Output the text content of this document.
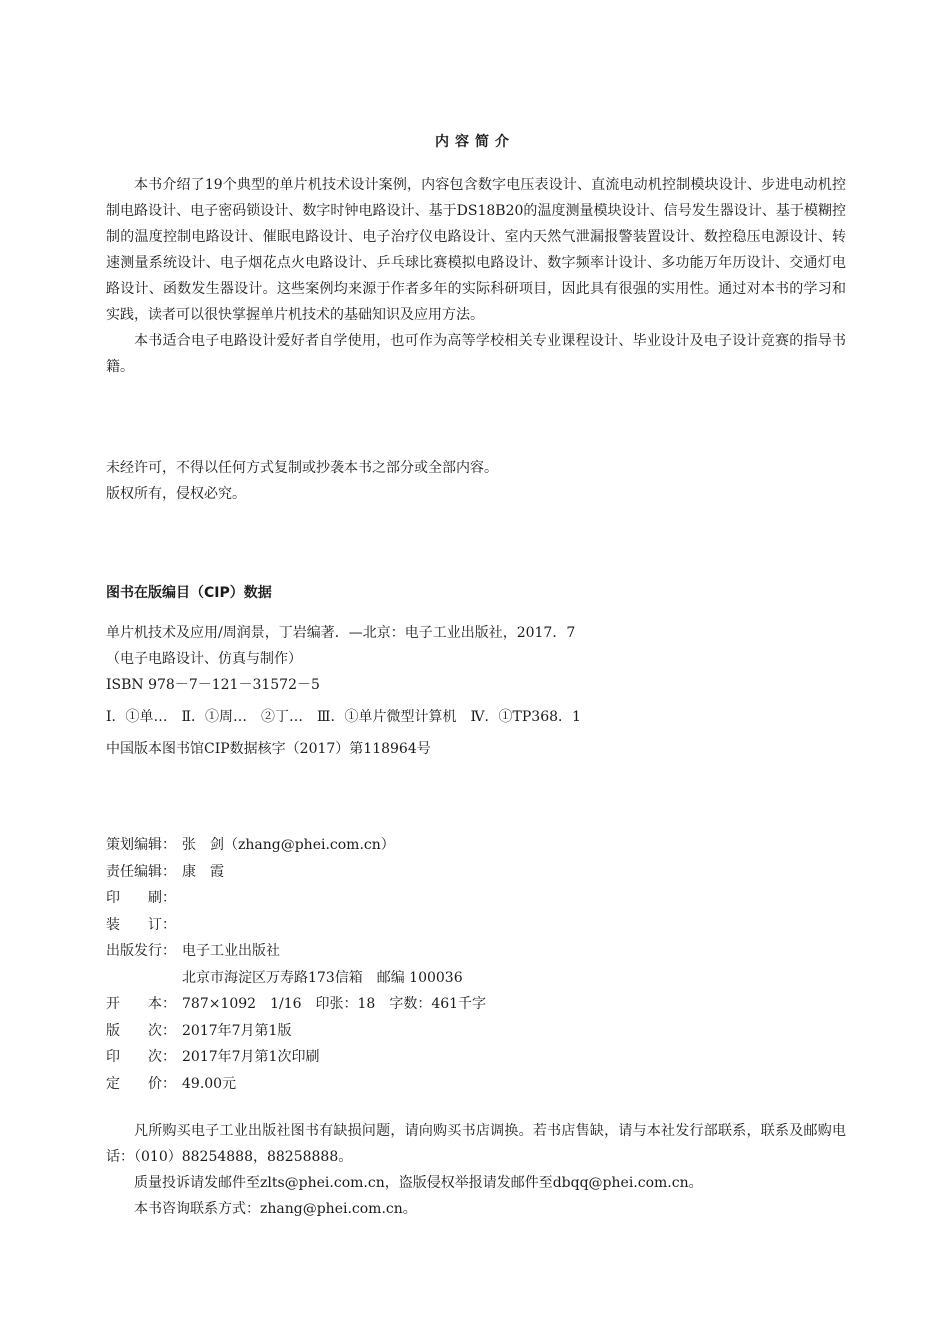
内容简介

本书介绍了19个典型的单片机技术设计案例，内容包含数字电压表设计、直流电动机控制模块设计、步进电动机控制电路设计、电子密码锁设计、数字时钟电路设计、基于DS18B20的温度测量模块设计、信号发生器设计、基于模糊控制的温度控制电路设计、催眠电路设计、电子治疗仪电路设计、室内天然气泄漏报警装置设计、数控稳压电源设计、转速测量系统设计、电子烟花点火电路设计、乒乓球比赛模拟电路设计、数字频率计设计、多功能万年历设计、交通灯电路设计、函数发生器设计。这些案例均来源于作者多年的实际科研项目，因此具有很强的实用性。通过对本书的学习和实践，读者可以很快掌握单片机技术的基础知识及应用方法。

本书适合电子电路设计爱好者自学使用，也可作为高等学校相关专业课程设计、毕业设计及电子设计竞赛的指导书籍。

未经许可，不得以任何方式复制或抄袭本书之部分或全部内容。

版权所有，侵权必究。

图书在版编目（CIP）数据

单片机技术及应用/周润景，丁岩编著．—北京：电子工业出版社，2017．7

（电子电路设计、仿真与制作）

ISBN 978－7－121－31572－5

Ⅰ．①单…　Ⅱ．①周…　②丁…　Ⅲ．①单片微型计算机　Ⅳ．①TP368．1

中国版本图书馆CIP数据核字（2017）第118964号

策划编辑： 张　剑（zhang@phei.com.cn）
责任编辑： 康　霞
印　　刷：
装　　订：
出版发行： 电子工业出版社
北京市海淀区万寿路173信箱　邮编 100036
开　　本： 787×1092　1/16　印张：18　字数：461千字
版　　次： 2017年7月第1版
印　　次： 2017年7月第1次印刷
定　　价： 49.00元

凡所购买电子工业出版社图书有缺损问题，请向购买书店调换。若书店售缺，请与本社发行部联系，联系及邮购电话：（010）88254888，88258888。

质量投诉请发邮件至zlts@phei.com.cn，盗版侵权举报请发邮件至dbqq@phei.com.cn。

本书咨询联系方式：zhang@phei.com.cn。
